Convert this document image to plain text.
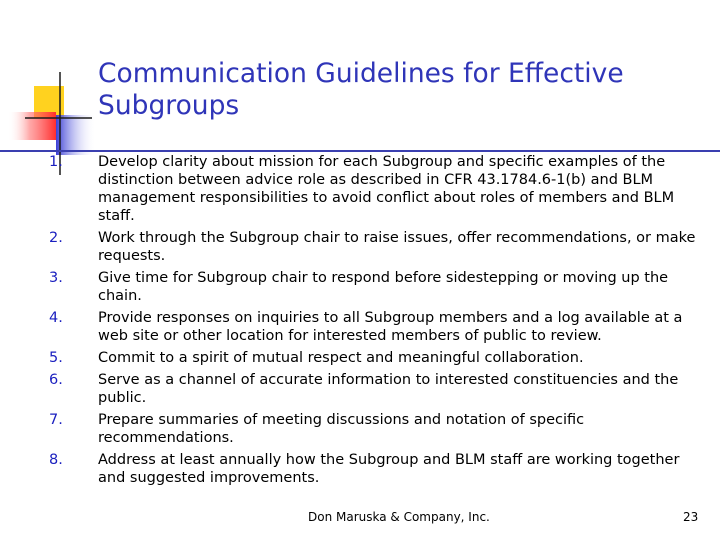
Communication Guidelines for Effective Subgroups
1. Develop clarity about mission for each Subgroup and specific examples of the distinction between advice role as described in CFR 43.1784.6-1(b) and BLM management responsibilities to avoid conflict about roles of members and BLM staff.
2. Work through the Subgroup chair to raise issues, offer recommendations, or make requests.
3. Give time for Subgroup chair to respond before sidestepping or moving up the chain.
4. Provide responses on inquiries to all Subgroup members and a log available at a web site or other location for interested members of public to review.
5. Commit to a spirit of mutual respect and meaningful collaboration.
6. Serve as a channel of accurate information to interested constituencies and the public.
7. Prepare summaries of meeting discussions and notation of specific recommendations.
8. Address at least annually how the Subgroup and BLM staff are working together and suggested improvements.
Don Maruska & Company, Inc.	23
